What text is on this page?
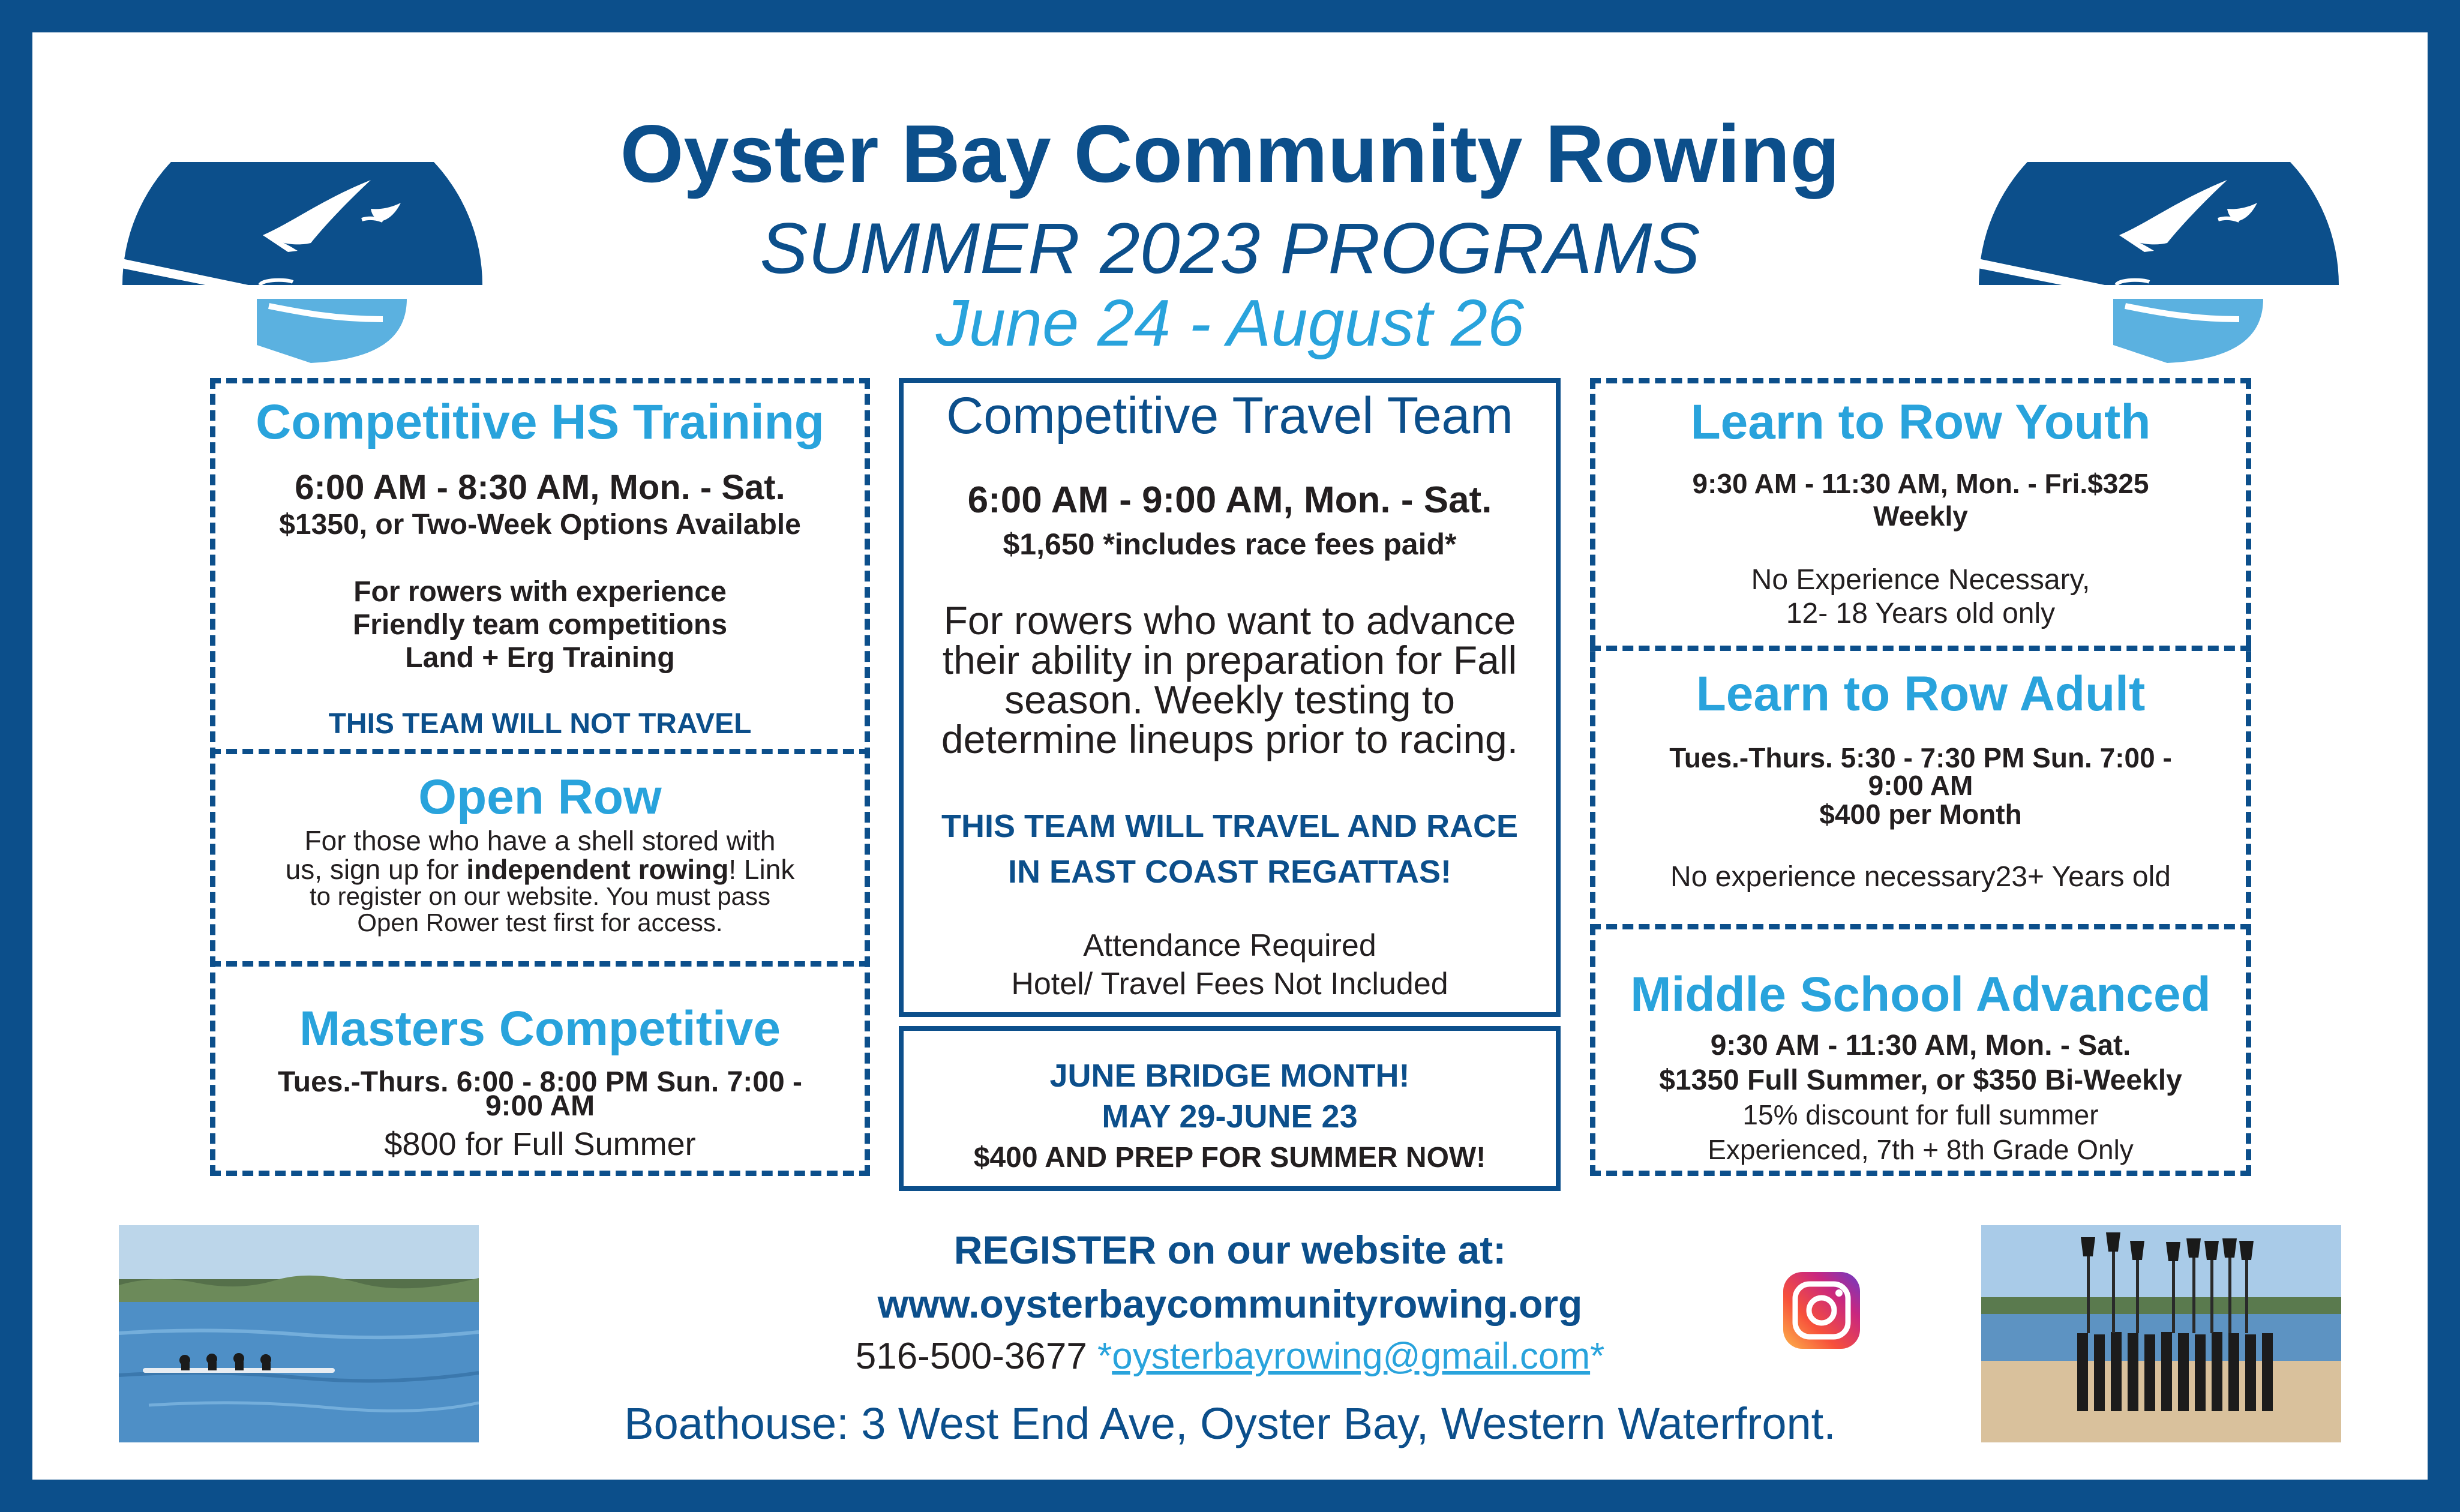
Oyster Bay Community Rowing
SUMMER 2023 PROGRAMS
June 24 - August 26
Competitive HS Training
6:00 AM - 8:30 AM, Mon. - Sat.
$1350, or Two-Week Options Available
For rowers with experience
Friendly team competitions
Land + Erg Training
THIS TEAM WILL NOT TRAVEL
Open Row
For those who have a shell stored with
us, sign up for independent rowing! Link
to register on our website. You must pass
Open Rower test first for access.
Masters Competitive
Tues.-Thurs. 6:00 - 8:00 PM Sun. 7:00 -
9:00 AM
$800 for Full Summer
Competitive Travel Team
6:00 AM - 9:00 AM, Mon. - Sat.
$1,650 *includes race fees paid*
For rowers who want to advance
their ability in preparation for Fall
season. Weekly testing to
determine lineups prior to racing.
THIS TEAM WILL TRAVEL AND RACE
IN EAST COAST REGATTAS!
Attendance Required
Hotel/ Travel Fees Not Included
JUNE BRIDGE MONTH!
MAY 29-JUNE 23
$400 AND PREP FOR SUMMER NOW!
Learn to Row Youth
9:30 AM - 11:30 AM, Mon. - Fri.$325
Weekly
No Experience Necessary,
12- 18 Years old only
Learn to Row Adult
Tues.-Thurs. 5:30 - 7:30 PM Sun. 7:00 -
9:00 AM
$400 per Month
No experience necessary23+ Years old
Middle School Advanced
9:30 AM - 11:30 AM, Mon. - Sat.
$1350 Full Summer, or $350 Bi-Weekly
15% discount for full summer
Experienced, 7th + 8th Grade Only
REGISTER on our website at:
www.oysterbaycommunityrowing.org
516-500-3677 *oysterbayrowing@gmail.com*
Boathouse: 3 West End Ave, Oyster Bay, Western Waterfront.
